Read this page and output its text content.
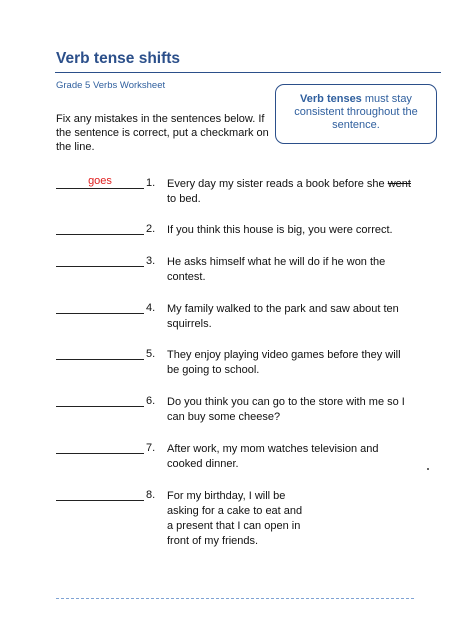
Verb tense shifts
Grade 5 Verbs Worksheet
Fix any mistakes in the sentences below. If the sentence is correct, put a checkmark on the line.
Verb tenses must stay consistent throughout the sentence.
goes	1. Every day my sister reads a book before she went to bed.
2. If you think this house is big, you were correct.
3. He asks himself what he will do if he won the contest.
4. My family walked to the park and saw about ten squirrels.
5. They enjoy playing video games before they will be going to school.
6. Do you think you can go to the store with me so I can buy some cheese?
7. After work, my mom watches television and cooked dinner.
8. For my birthday, I will be asking for a cake to eat and a present that I can open in front of my friends.
